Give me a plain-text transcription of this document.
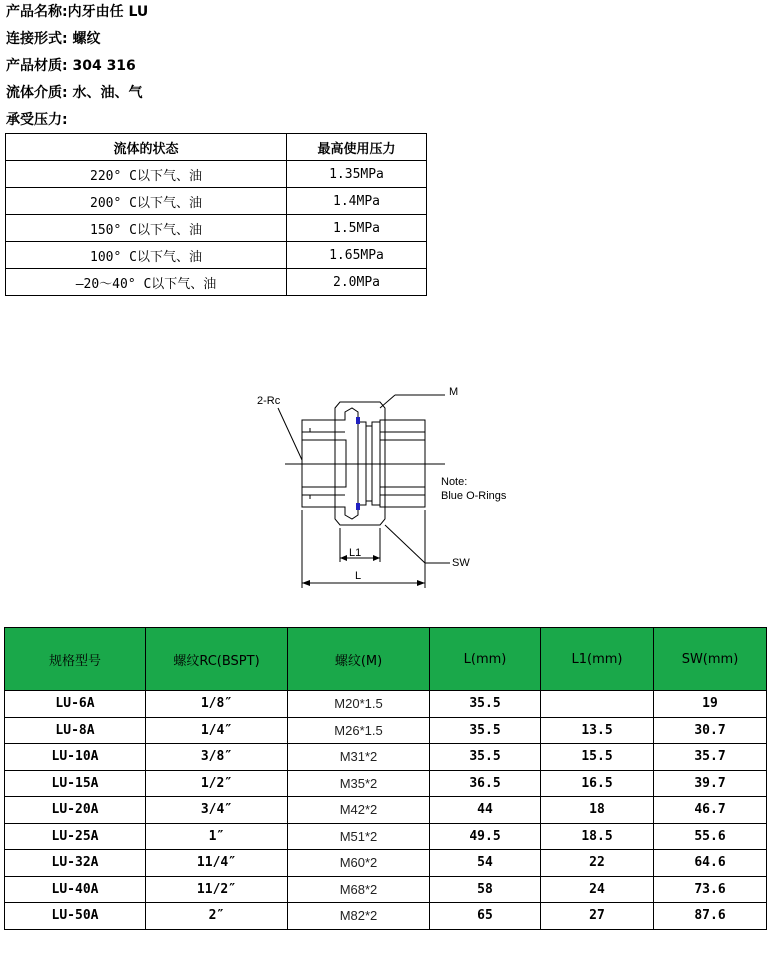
产品名称:内牙由任 LU
连接形式: 螺纹
产品材质: 304 316
流体介质: 水、油、气
承受压力:
流体的状态	最高使用压力
220° C以下气、油	1.35MPa
200° C以下气、油	1.4MPa
150° C以下气、油	1.5MPa
100° C以下气、油	1.65MPa
—20～40° C以下气、油	2.0MPa
2-Rc
M
Note:
Blue O-Rings
SW
L1
L
规格型号	螺纹RC(BSPT)	螺纹(M)	L(mm)	L1(mm)	SW(mm)
LU-6A	1/8″	M20*1.5	35.5		19
LU-8A	1/4″	M26*1.5	35.5	13.5	30.7
LU-10A	3/8″	M31*2	35.5	15.5	35.7
LU-15A	1/2″	M35*2	36.5	16.5	39.7
LU-20A	3/4″	M42*2	44	18	46.7
LU-25A	1″	M51*2	49.5	18.5	55.6
LU-32A	11/4″	M60*2	54	22	64.6
LU-40A	11/2″	M68*2	58	24	73.6
LU-50A	2″	M82*2	65	27	87.6
